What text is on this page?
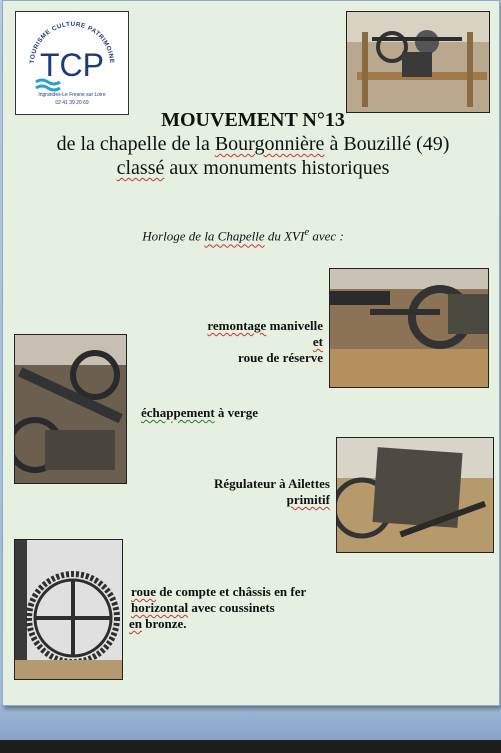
TOURISME CULTURE PATRIMOINE
TCP
Ingrandes-Le Fresne sur Loire
02 41 39 20 69
MOUVEMENT N°13
de la chapelle de la Bourgonnière à Bouzillé (49)
classé aux monuments historiques
Horloge de la Chapelle du XVIe avec :
remontage manivelle
et
roue de réserve
échappement à verge
Régulateur à Ailettes
primitif
roue de compte et châssis en fer
horizontal avec coussinets
en bronze.
